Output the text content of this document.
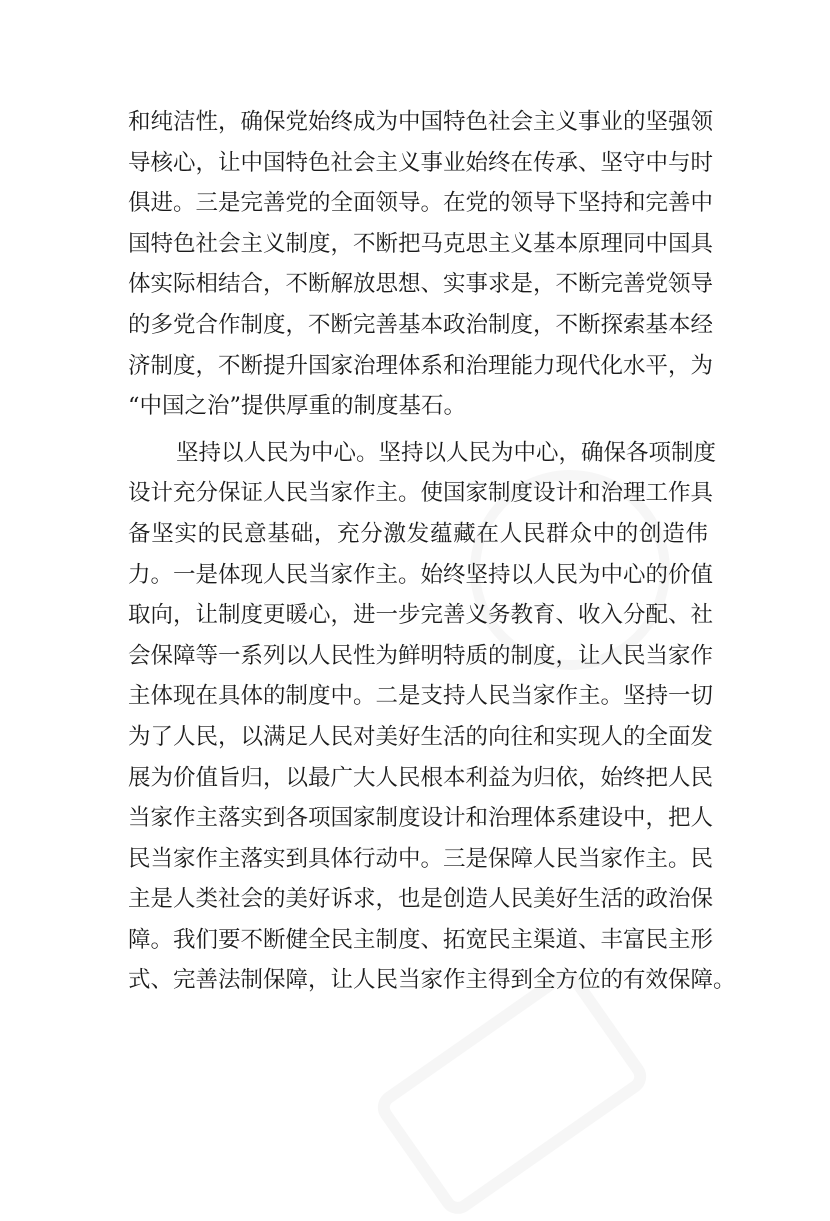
和纯洁性，确保党始终成为中国特色社会主义事业的坚强领
导核心，让中国特色社会主义事业始终在传承、坚守中与时
俱进。三是完善党的全面领导。在党的领导下坚持和完善中
国特色社会主义制度，不断把马克思主义基本原理同中国具
体实际相结合，不断解放思想、实事求是，不断完善党领导
的多党合作制度，不断完善基本政治制度，不断探索基本经
济制度，不断提升国家治理体系和治理能力现代化水平，为
“中国之治”提供厚重的制度基石。
坚持以人民为中心。坚持以人民为中心，确保各项制度
设计充分保证人民当家作主。使国家制度设计和治理工作具
备坚实的民意基础，充分激发蕴藏在人民群众中的创造伟
力。一是体现人民当家作主。始终坚持以人民为中心的价值
取向，让制度更暖心，进一步完善义务教育、收入分配、社
会保障等一系列以人民性为鲜明特质的制度，让人民当家作
主体现在具体的制度中。二是支持人民当家作主。坚持一切
为了人民，以满足人民对美好生活的向往和实现人的全面发
展为价值旨归，以最广大人民根本利益为归依，始终把人民
当家作主落实到各项国家制度设计和治理体系建设中，把人
民当家作主落实到具体行动中。三是保障人民当家作主。民
主是人类社会的美好诉求，也是创造人民美好生活的政治保
障。我们要不断健全民主制度、拓宽民主渠道、丰富民主形
式、完善法制保障，让人民当家作主得到全方位的有效保障。
